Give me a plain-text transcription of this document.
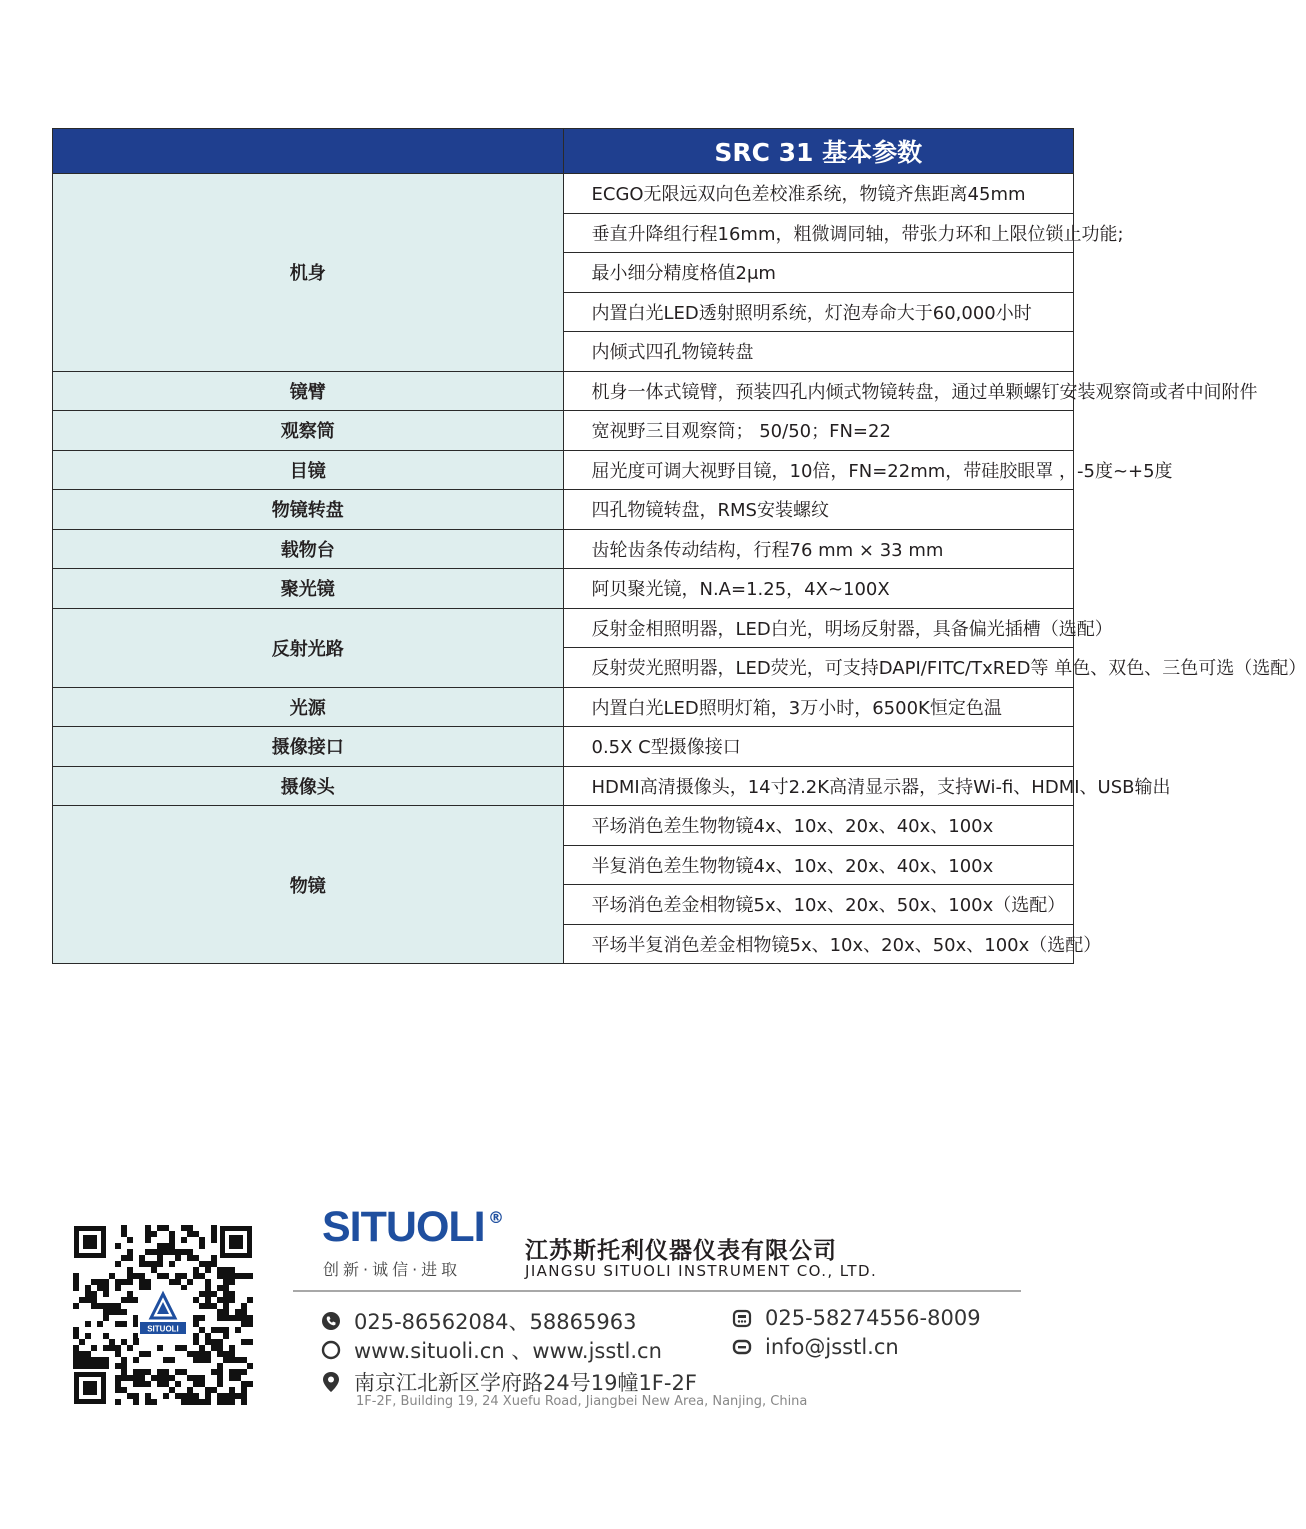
	SRC 31 基本参数
机身	ECGO无限远双向色差校准系统，物镜齐焦距离45mm
	垂直升降组行程16mm，粗微调同轴，带张力环和上限位锁止功能;
	最小细分精度格值2μm
	内置白光LED透射照明系统，灯泡寿命大于60,000小时
	内倾式四孔物镜转盘
镜臂	机身一体式镜臂，预装四孔内倾式物镜转盘，通过单颗螺钉安装观察筒或者中间附件
观察筒	宽视野三目观察筒； 50/50；FN=22
目镜	屈光度可调大视野目镜，10倍，FN=22mm，带硅胶眼罩 ，-5度~+5度
物镜转盘	四孔物镜转盘，RMS安装螺纹
载物台	齿轮齿条传动结构，行程76 mm × 33 mm
聚光镜	阿贝聚光镜，N.A=1.25，4X~100X
反射光路	反射金相照明器，LED白光，明场反射器，具备偏光插槽（选配）
	反射荧光照明器，LED荧光，可支持DAPI/FITC/TxRED等 单色、双色、三色可选（选配）
光源	内置白光LED照明灯箱，3万小时，6500K恒定色温
摄像接口	0.5X C型摄像接口
摄像头	HDMI高清摄像头，14寸2.2K高清显示器，支持Wi-fi、HDMI、USB输出
物镜	平场消色差生物物镜4x、10x、20x、40x、100x
	半复消色差生物物镜4x、10x、20x、40x、100x
	平场消色差金相物镜5x、10x、20x、50x、100x（选配）
	平场半复消色差金相物镜5x、10x、20x、50x、100x（选配）
SITUOLI
SITUOLI ®
创新·诚信·进取
江苏斯托利仪器仪表有限公司
JIANGSU SITUOLI INSTRUMENT CO., LTD.
025-86562084、58865963	025-58274556-8009
www.situoli.cn 、www.jsstl.cn	info@jsstl.cn
南京江北新区学府路24号19幢1F-2F
1F-2F, Building 19, 24 Xuefu Road, Jiangbei New Area, Nanjing, China
